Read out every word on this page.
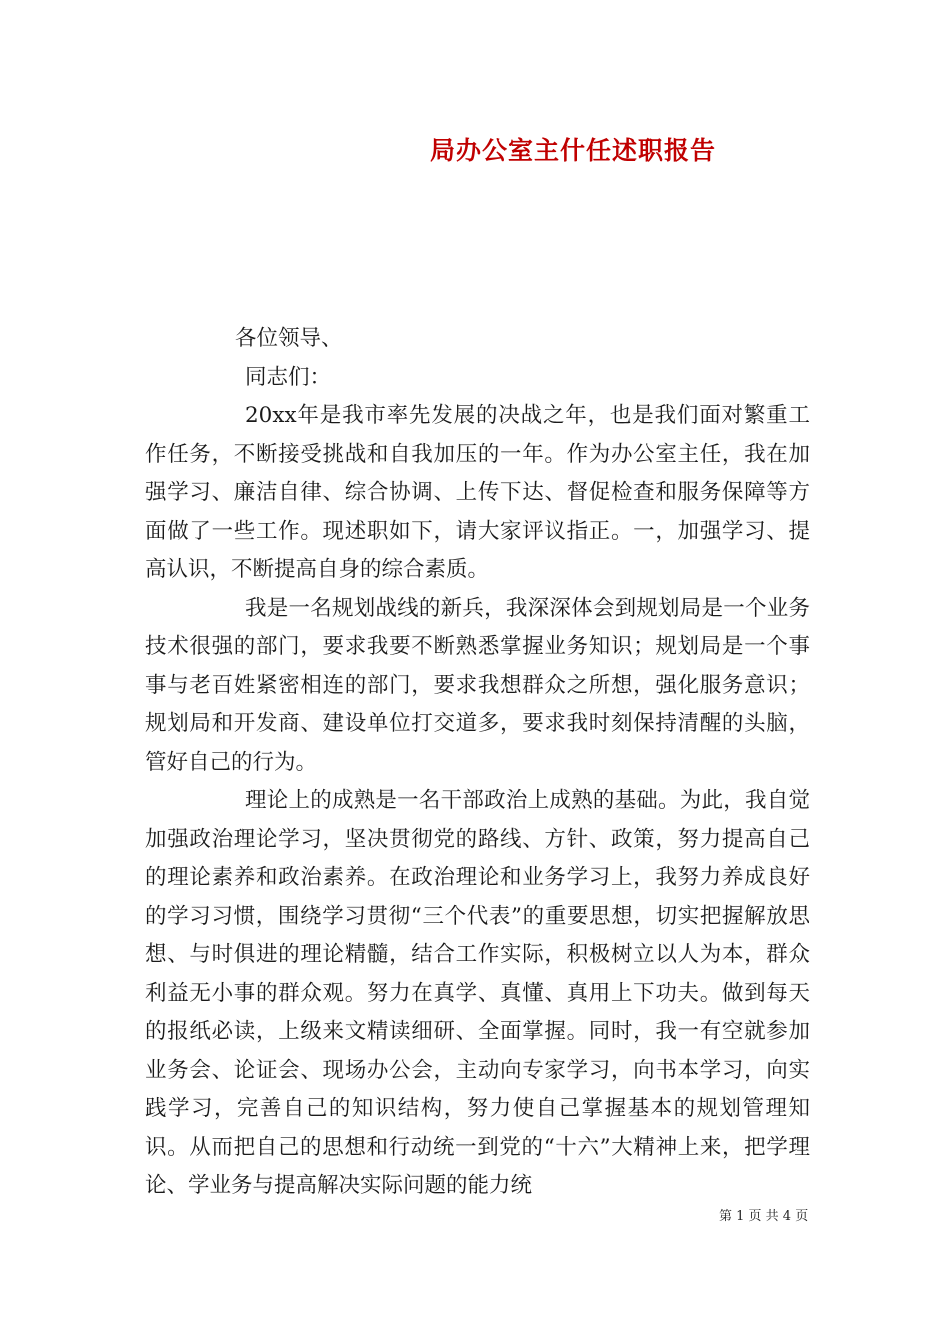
局办公室主什任述职报告
各位领导、
同志们：

20xx年是我市率先发展的决战之年，也是我们面对繁重工作任务，不断接受挑战和自我加压的一年。作为办公室主任，我在加强学习、廉洁自律、综合协调、上传下达、督促检查和服务保障等方面做了一些工作。现述职如下，请大家评议指正。一，加强学习、提高认识，不断提高自身的综合素质。

我是一名规划战线的新兵，我深深体会到规划局是一个业务技术很强的部门，要求我要不断熟悉掌握业务知识；规划局是一个事事与老百姓紧密相连的部门，要求我想群众之所想，强化服务意识；规划局和开发商、建设单位打交道多，要求我时刻保持清醒的头脑，管好自己的行为。

理论上的成熟是一名干部政治上成熟的基础。为此，我自觉加强政治理论学习，坚决贯彻党的路线、方针、政策，努力提高自己的理论素养和政治素养。在政治理论和业务学习上，我努力养成良好的学习习惯，围绕学习贯彻“三个代表”的重要思想，切实把握解放思想、与时俱进的理论精髓，结合工作实际，积极树立以人为本，群众利益无小事的群众观。努力在真学、真懂、真用上下功夫。做到每天的报纸必读，上级来文精读细研、全面掌握。同时，我一有空就参加业务会、论证会、现场办公会，主动向专家学习，向书本学习，向实践学习，完善自己的知识结构，努力使自己掌握基本的规划管理知识。从而把自己的思想和行动统一到党的“十六”大精神上来，把学理论、学业务与提高解决实际问题的能力统

第 1 页 共 4 页
